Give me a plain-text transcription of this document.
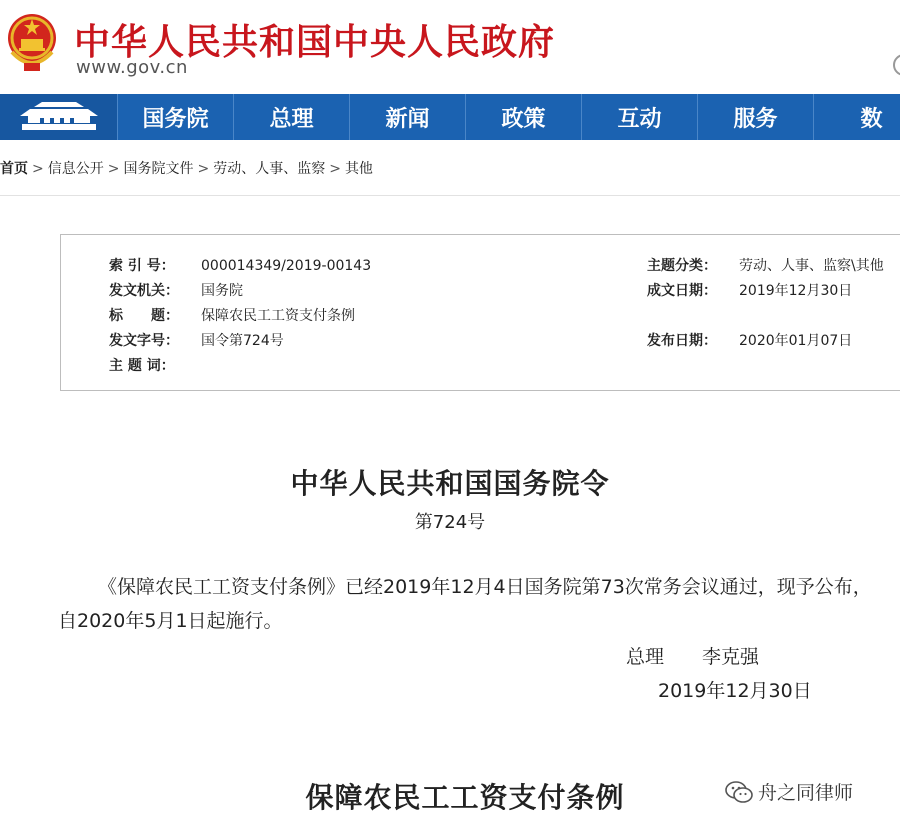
中华人民共和国中央人民政府
www.gov.cn
国务院	总理	新闻	政策	互动	服务	数
首页 > 信息公开 > 国务院文件 > 劳动、人事、监察 > 其他
索 引 号： 000014349/2019-00143
发文机关： 国务院
标　　题： 保障农民工工资支付条例
发文字号： 国令第724号
主 题 词：
主题分类： 劳动、人事、监察\其他
成文日期： 2019年12月30日
发布日期： 2020年01月07日
中华人民共和国国务院令
第724号
《保障农民工工资支付条例》已经2019年12月4日国务院第73次常务会议通过，现予公布，自2020年5月1日起施行。
总理 李克强
2019年12月30日
保障农民工工资支付条例	舟之同律师
